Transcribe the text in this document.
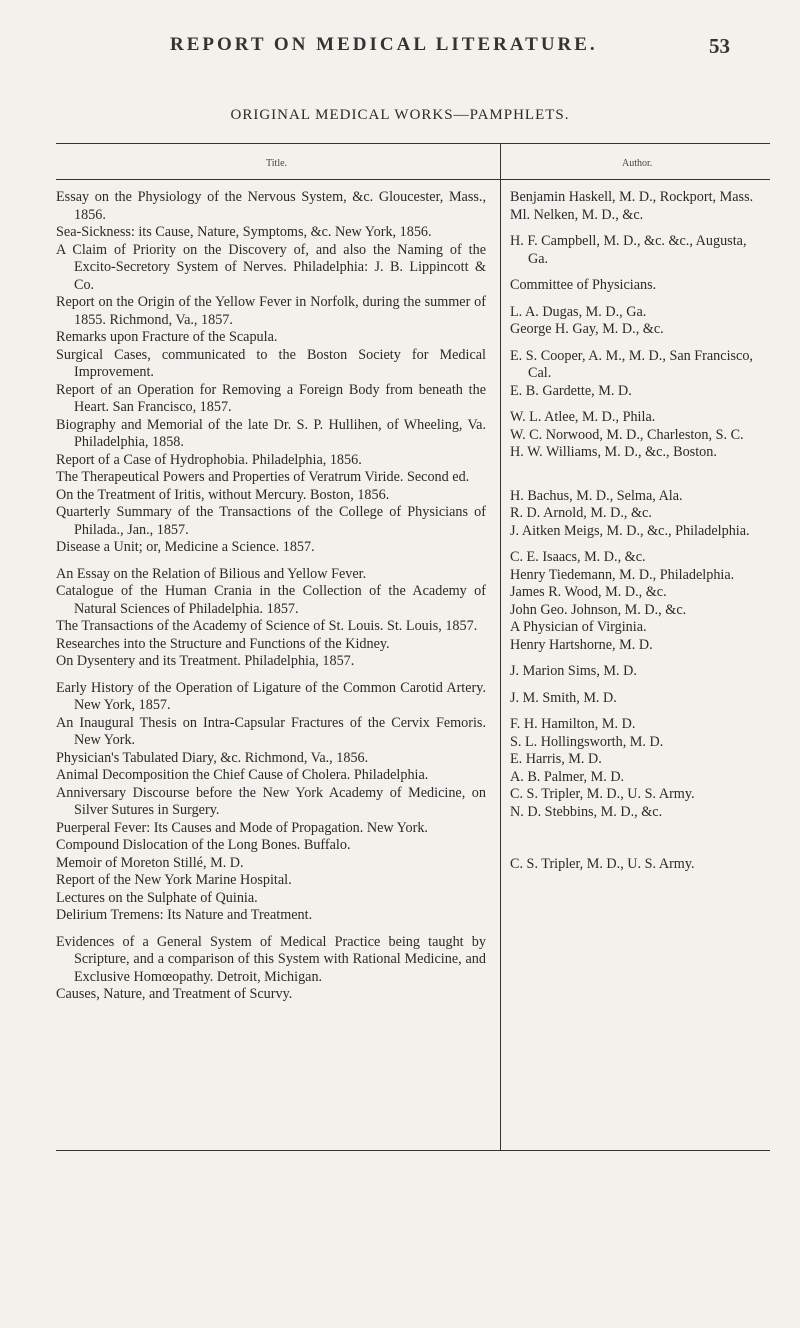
REPORT ON MEDICAL LITERATURE.	53
ORIGINAL MEDICAL WORKS—PAMPHLETS.
Title.	Author.

Essay on the Physiology of the Nervous System, &c. Gloucester, Mass., 1856.

Sea-Sickness: its Cause, Nature, Symptoms, &c. New York, 1856.

A Claim of Priority on the Discovery of, and also the Naming of the Excito-Secretory System of Nerves. Philadelphia: J. B. Lippincott & Co.

Report on the Origin of the Yellow Fever in Norfolk, during the summer of 1855. Richmond, Va., 1857.

Remarks upon Fracture of the Scapula.

Surgical Cases, communicated to the Boston Society for Medical Improvement.

Report of an Operation for Removing a Foreign Body from beneath the Heart. San Francisco, 1857.

Biography and Memorial of the late Dr. S. P. Hullihen, of Wheeling, Va. Philadelphia, 1858.

Report of a Case of Hydrophobia. Philadelphia, 1856.

The Therapeutical Powers and Properties of Veratrum Viride. Second ed.

On the Treatment of Iritis, without Mercury. Boston, 1856.

Quarterly Summary of the Transactions of the College of Physicians of Philada., Jan., 1857.

Disease a Unit; or, Medicine a Science. 1857.

An Essay on the Relation of Bilious and Yellow Fever.

Catalogue of the Human Crania in the Collection of the Academy of Natural Sciences of Philadelphia. 1857.

The Transactions of the Academy of Science of St. Louis. St. Louis, 1857.

Researches into the Structure and Functions of the Kidney.

On Dysentery and its Treatment. Philadelphia, 1857.

Early History of the Operation of Ligature of the Common Carotid Artery. New York, 1857.

An Inaugural Thesis on Intra-Capsular Fractures of the Cervix Femoris. New York.

Physician's Tabulated Diary, &c. Richmond, Va., 1856.

Animal Decomposition the Chief Cause of Cholera. Philadelphia.

Anniversary Discourse before the New York Academy of Medicine, on Silver Sutures in Surgery.

Puerperal Fever: Its Causes and Mode of Propagation. New York.

Compound Dislocation of the Long Bones. Buffalo.

Memoir of Moreton Stillé, M. D.

Report of the New York Marine Hospital.

Lectures on the Sulphate of Quinia.

Delirium Tremens: Its Nature and Treatment.

Evidences of a General System of Medical Practice being taught by Scripture, and a comparison of this System with Rational Medicine, and Exclusive Homœopathy. Detroit, Michigan.

Causes, Nature, and Treatment of Scurvy.

Benjamin Haskell, M. D., Rockport, Mass.

Ml. Nelken, M. D., &c.

H. F. Campbell, M. D., &c. &c., Augusta, Ga.

Committee of Physicians.

L. A. Dugas, M. D., Ga.

George H. Gay, M. D., &c.

E. S. Cooper, A. M., M. D., San Francisco, Cal.

E. B. Gardette, M. D.

W. L. Atlee, M. D., Phila.

W. C. Norwood, M. D., Charleston, S. C.

H. W. Williams, M. D., &c., Boston.

H. Bachus, M. D., Selma, Ala.

R. D. Arnold, M. D., &c.

J. Aitken Meigs, M. D., &c., Philadelphia.

C. E. Isaacs, M. D., &c.

Henry Tiedemann, M. D., Philadelphia.

James R. Wood, M. D., &c.

John Geo. Johnson, M. D., &c.

A Physician of Virginia.

Henry Hartshorne, M. D.

J. Marion Sims, M. D.

J. M. Smith, M. D.

F. H. Hamilton, M. D.

S. L. Hollingsworth, M. D.

E. Harris, M. D.

A. B. Palmer, M. D.

C. S. Tripler, M. D., U. S. Army.

N. D. Stebbins, M. D., &c.

C. S. Tripler, M. D., U. S. Army.
